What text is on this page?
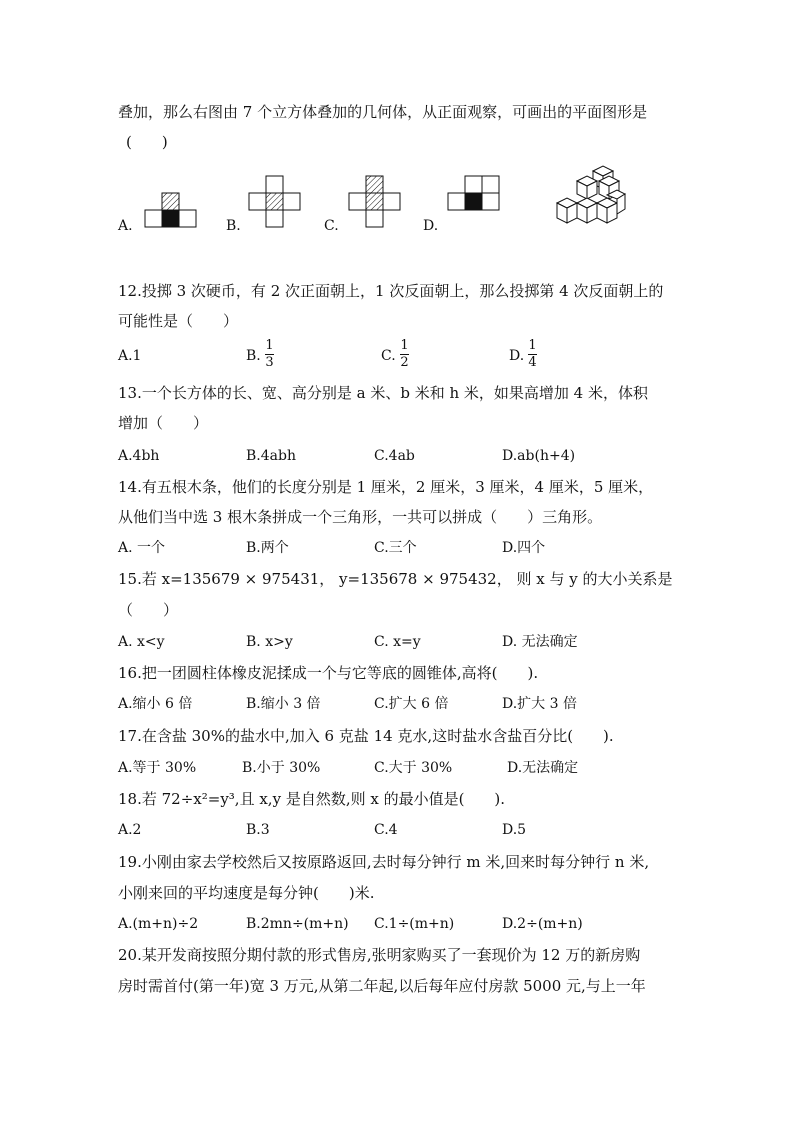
叠加，那么右图由 7 个立方体叠加的几何体，从正面观察，可画出的平面图形是
(　　)
A.	B.	C.	D.
12.投掷 3 次硬币，有 2 次正面朝上，1 次反面朝上，那么投掷第 4 次反面朝上的
可能性是（　　）
A.1	B.
1
3	C.
1
2	D.
1
4
13.一个长方体的长、宽、高分别是 a 米、b 米和 h 米，如果高增加 4 米，体积
增加（　　）
A.4bh	B.4abh	C.4ab	D.ab(h+4)
14.有五根木条，他们的长度分别是 1 厘米，2 厘米，3 厘米，4 厘米，5 厘米，
从他们当中选 3 根木条拼成一个三角形，一共可以拼成（　　）三角形。
A. 一个	B.两个	C.三个	D.四个
15.若 x=135679 × 975431， y=135678 × 975432， 则 x 与 y 的大小关系是
（　　）
A. x<y	B. x>y	C. x=y	D. 无法确定
16.把一团圆柱体橡皮泥揉成一个与它等底的圆锥体,高将(　　).
A.缩小 6 倍	B.缩小 3 倍	C.扩大 6 倍	D.扩大 3 倍
17.在含盐 30%的盐水中,加入 6 克盐 14 克水,这时盐水含盐百分比(　　).
A.等于 30%	B.小于 30%	C.大于 30%	D.无法确定
18.若 72÷x²=y³,且 x,y 是自然数,则 x 的最小值是(　　).
A.2	B.3	C.4	D.5
19.小刚由家去学校然后又按原路返回,去时每分钟行 m 米,回来时每分钟行 n 米,
小刚来回的平均速度是每分钟(　　)米.
A.(m+n)÷2	B.2mn÷(m+n) C.1÷(m+n)	D.2÷(m+n)
20.某开发商按照分期付款的形式售房,张明家购买了一套现价为 12 万的新房购
房时需首付(第一年)宽 3 万元,从第二年起,以后每年应付房款 5000 元,与上一年
